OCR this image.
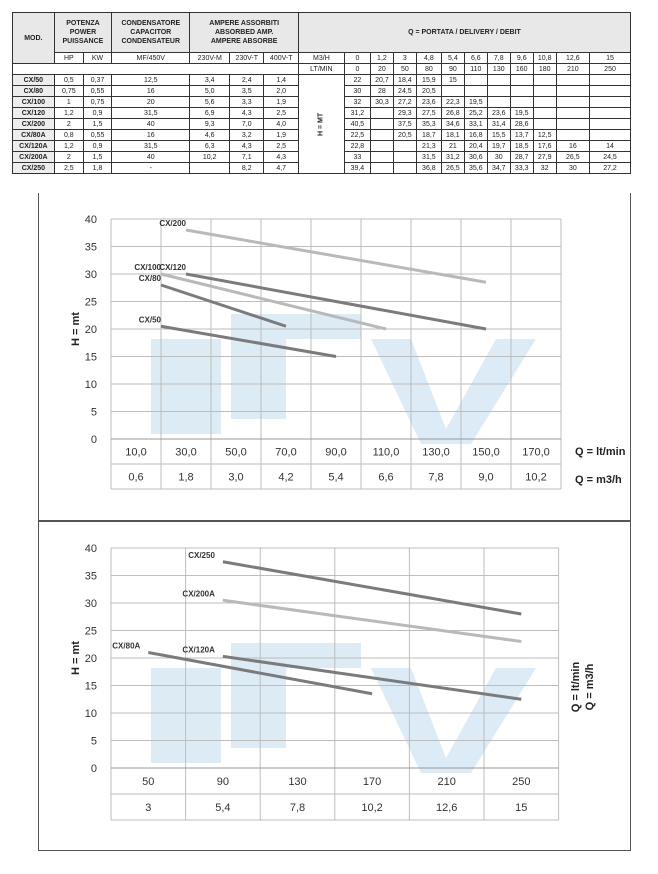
MOD.	POTENZA
POWER
PUISSANCE		CONDENSATORE
CAPACITOR
CONDENSATEUR	AMPERE ASSORBITI
ABSORBED AMP.
AMPERE ABSORBE			Q = PORTATA / DELIVERY / DEBIT											
	HP	KW	MF/450V	230V-M	230V-T	400V-T	M3/H	0	1,2	3	4,8	5,4	6,6	7,8	9,6	10,8	12,6	15
							LT/MIN	0	20	50	80	90	110	130	160	180	210	250
CX/50	0,5	0,37	12,5	3,4	2,4	1,4	H = MT	22	20,7	18,4	15,9	15						
CX/80	0,75	0,55	16	5,0	3,5	2,0		30	28	24,5	20,5							
CX/100	1	0,75	20	5,6	3,3	1,9		32	30,3	27,2	23,6	22,3	19,5					
CX/120	1,2	0,9	31,5	6,9	4,3	2,5		31,2		29,3	27,5	26,8	25,2	23,6	19,5			
CX/200	2	1,5	40	9,3	7,0	4,0		40,5		37,5	35,3	34,6	33,1	31,4	28,6			
CX/80A	0,8	0,55	16	4,6	3,2	1,9		22,5		20,5	18,7	18,1	16,8	15,5	13,7	12,5		
CX/120A	1,2	0,9	31,5	6,3	4,3	2,5		22,8			21,3	21	20,4	19,7	18,5	17,6	16	14
CX/200A	2	1,5	40	10,2	7,1	4,3		33			31,5	31,2	30,6	30	28,7	27,9	26,5	24,5
CX/250	2,5	1,8	-		8,2	4,7		39,4			36,8	26,5	35,6	34,7	33,3	32	30	27,2
0
5
10
15
20
25
30
35
40
10,0	30,0	50,0	70,0	90,0 110,0 130,0 150,0 170,0
0,6	1,8	3,0	4,2	5,4	6,6	7,8	9,0	10,2
H = mt
CX/200
CX/100
CX/120
CX/80
CX/50
Q = lt/min
Q = m3/h
0
5
10
15
20
25
30
35
40
50	90	130	170	210	250
3	5,4	7,8	10,2	12,6	15
H = mt
CX/250
CX/200A
CX/120A
CX/80A
Q = lt/min Q = m3/h
